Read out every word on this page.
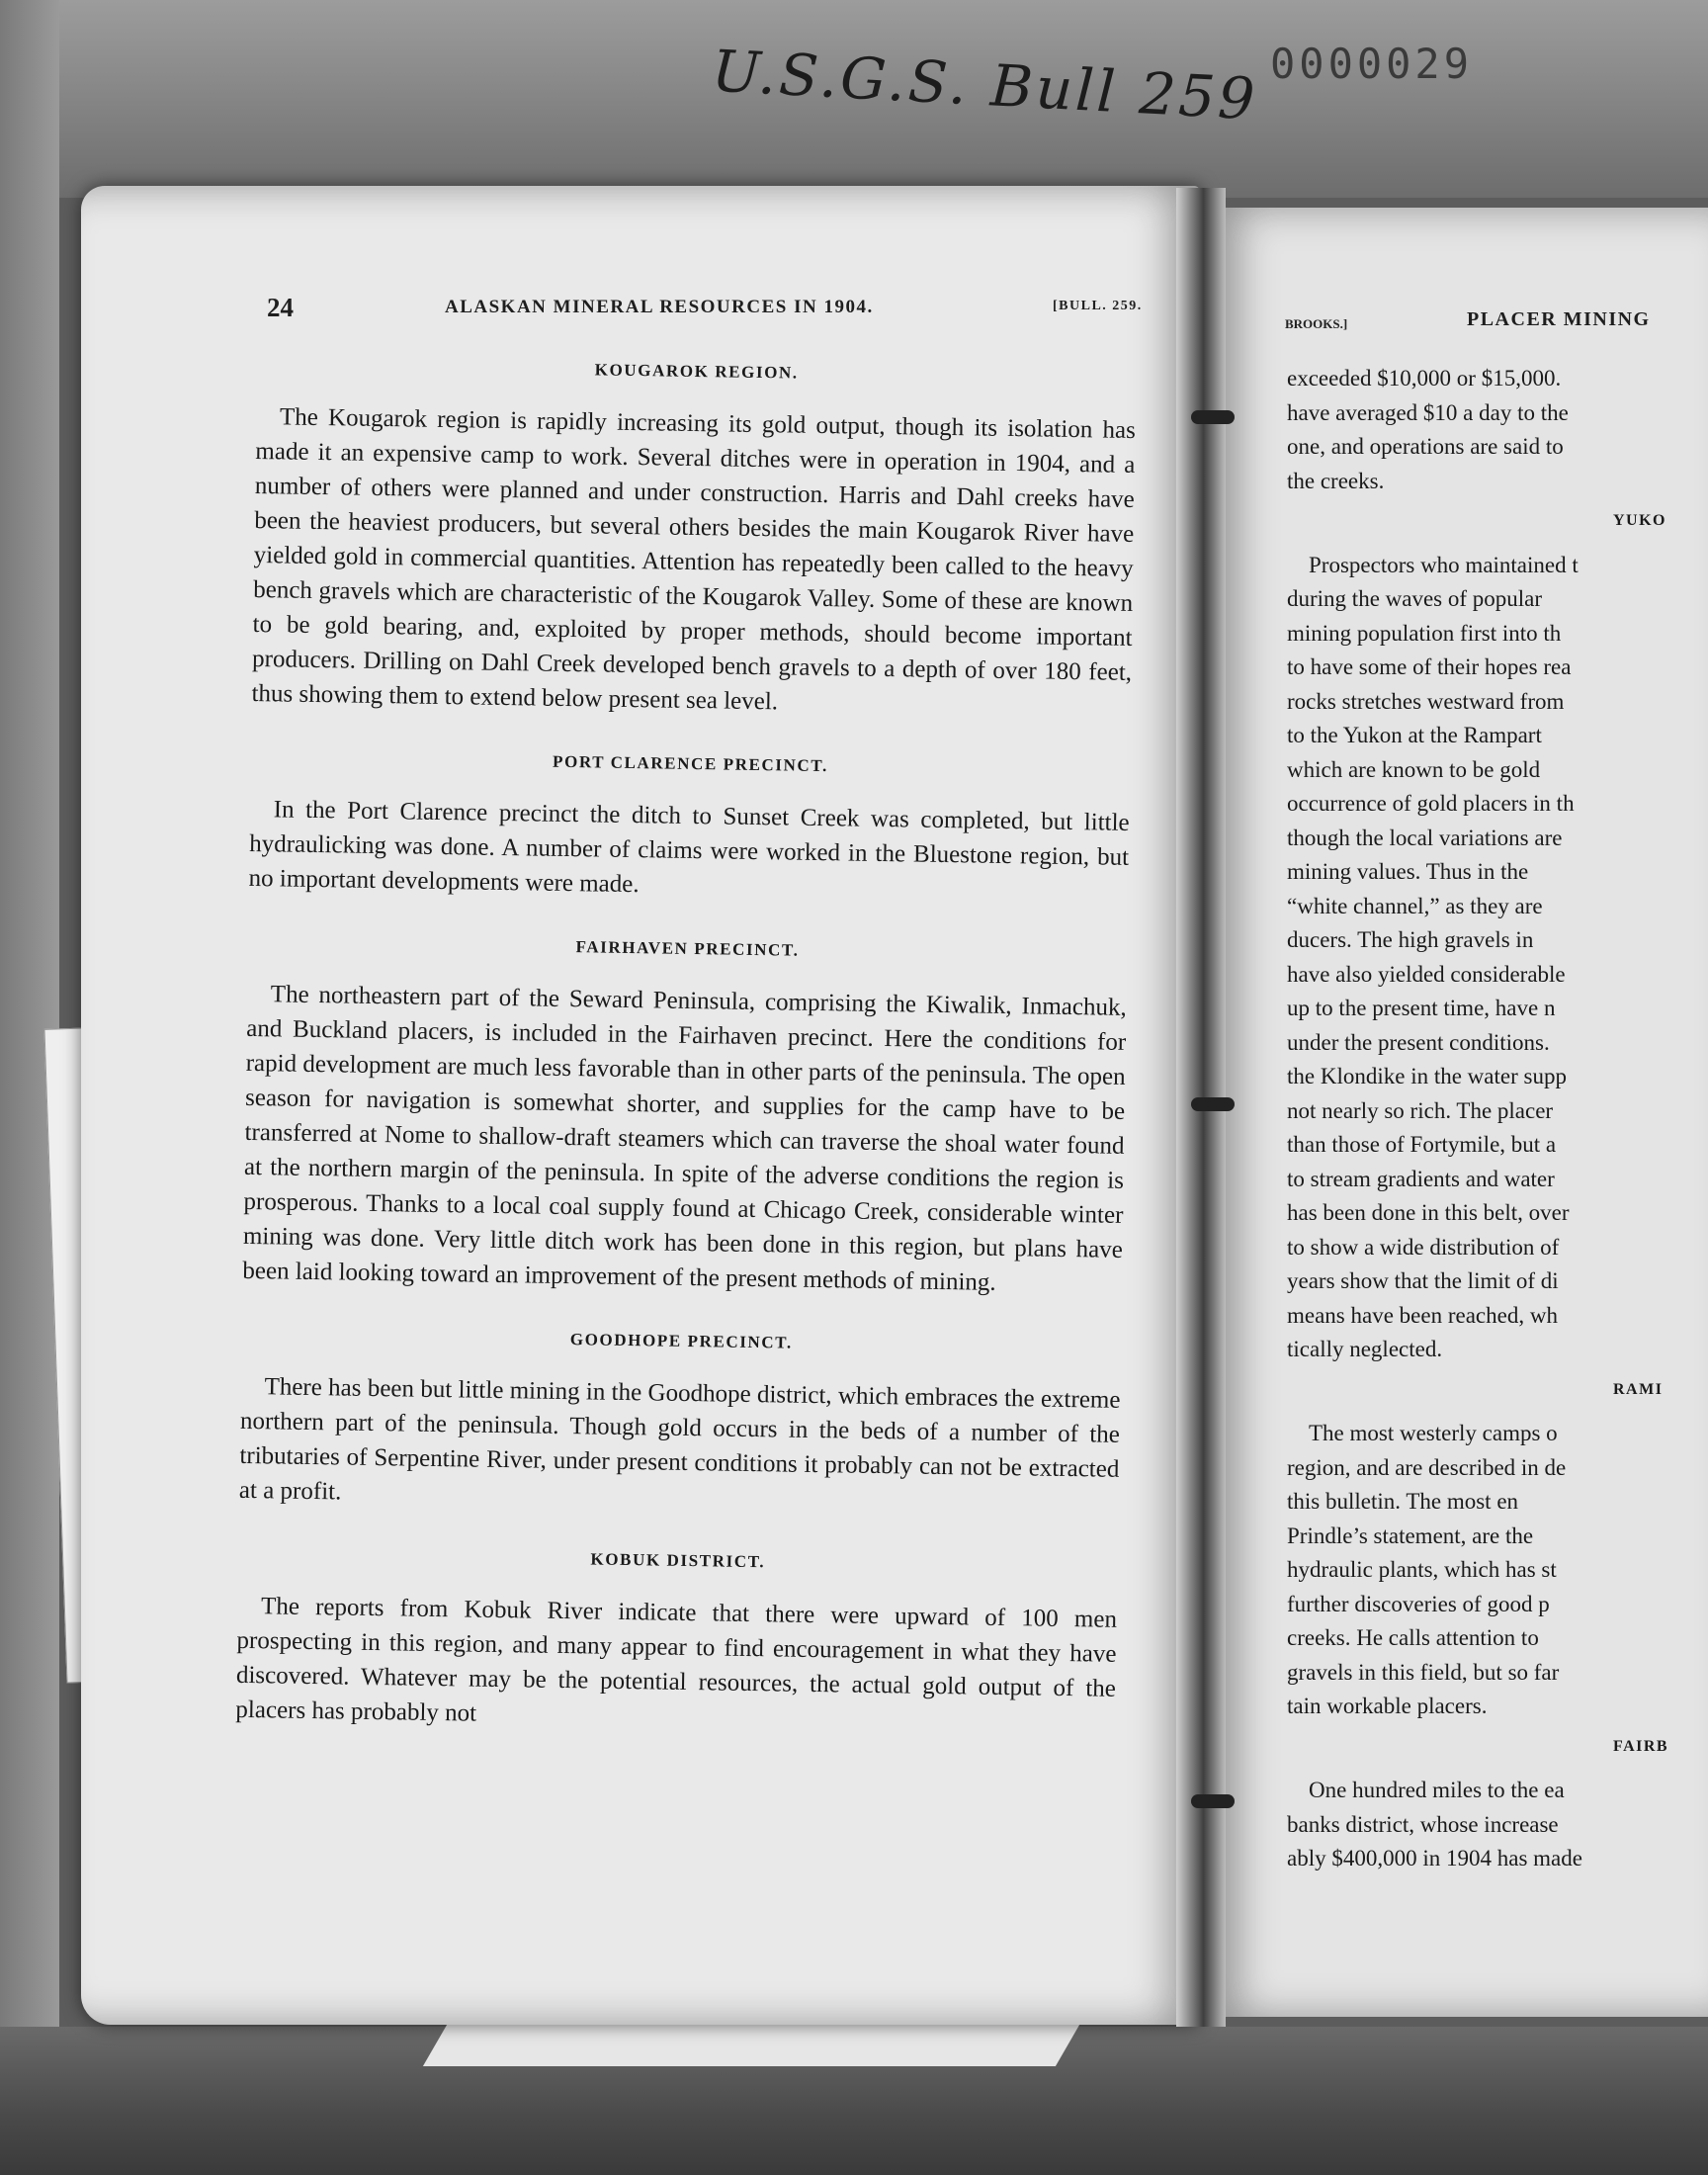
U.S.G.S. Bull 259 0000029
24	ALASKAN MINERAL RESOURCES IN 1904.	[BULL. 259.
KOUGAROK REGION.

The Kougarok region is rapidly increasing its gold output, though its isolation has made it an expensive camp to work. Several ditches were in operation in 1904, and a number of others were planned and under construction. Harris and Dahl creeks have been the heaviest producers, but several others besides the main Kougarok River have yielded gold in commercial quantities. Attention has repeatedly been called to the heavy bench gravels which are characteristic of the Kougarok Valley. Some of these are known to be gold bearing, and, exploited by proper methods, should become important producers. Drilling on Dahl Creek developed bench gravels to a depth of over 180 feet, thus showing them to extend below present sea level.

PORT CLARENCE PRECINCT.

In the Port Clarence precinct the ditch to Sunset Creek was completed, but little hydraulicking was done. A number of claims were worked in the Bluestone region, but no important developments were made.

FAIRHAVEN PRECINCT.

The northeastern part of the Seward Peninsula, comprising the Kiwalik, Inmachuk, and Buckland placers, is included in the Fairhaven precinct. Here the conditions for rapid development are much less favorable than in other parts of the peninsula. The open season for navigation is somewhat shorter, and supplies for the camp have to be transferred at Nome to shallow-draft steamers which can traverse the shoal water found at the northern margin of the peninsula. In spite of the adverse conditions the region is prosperous. Thanks to a local coal supply found at Chicago Creek, considerable winter mining was done. Very little ditch work has been done in this region, but plans have been laid looking toward an improvement of the present methods of mining.

GOODHOPE PRECINCT.

There has been but little mining in the Goodhope district, which embraces the extreme northern part of the peninsula. Though gold occurs in the beds of a number of the tributaries of Serpentine River, under present conditions it probably can not be extracted at a profit.

KOBUK DISTRICT.

The reports from Kobuk River indicate that there were upward of 100 men prospecting in this region, and many appear to find encouragement in what they have discovered. Whatever may be the potential resources, the actual gold output of the placers has probably not

BROOKS.]	PLACER MINING
exceeded $10,000 or $15,000.
have averaged $10 a day to the
one, and operations are said to
the creeks.
YUKO
Prospectors who maintained t
during the waves of popular
mining population first into th
to have some of their hopes rea
rocks stretches westward from
to the Yukon at the Rampart
which are known to be gold
occurrence of gold placers in th
though the local variations are
mining values. Thus in the
“white channel,” as they are
ducers. The high gravels in
have also yielded considerable
up to the present time, have n
under the present conditions.
the Klondike in the water supp
not nearly so rich. The placer
than those of Fortymile, but a
to stream gradients and water
has been done in this belt, over
to show a wide distribution of
years show that the limit of di
means have been reached, wh
tically neglected.
RAMI
The most westerly camps o
region, and are described in de
this bulletin. The most en
Prindle’s statement, are the
hydraulic plants, which has st
further discoveries of good p
creeks. He calls attention to
gravels in this field, but so far
tain workable placers.
FAIRB
One hundred miles to the ea
banks district, whose increase
ably $400,000 in 1904 has made
